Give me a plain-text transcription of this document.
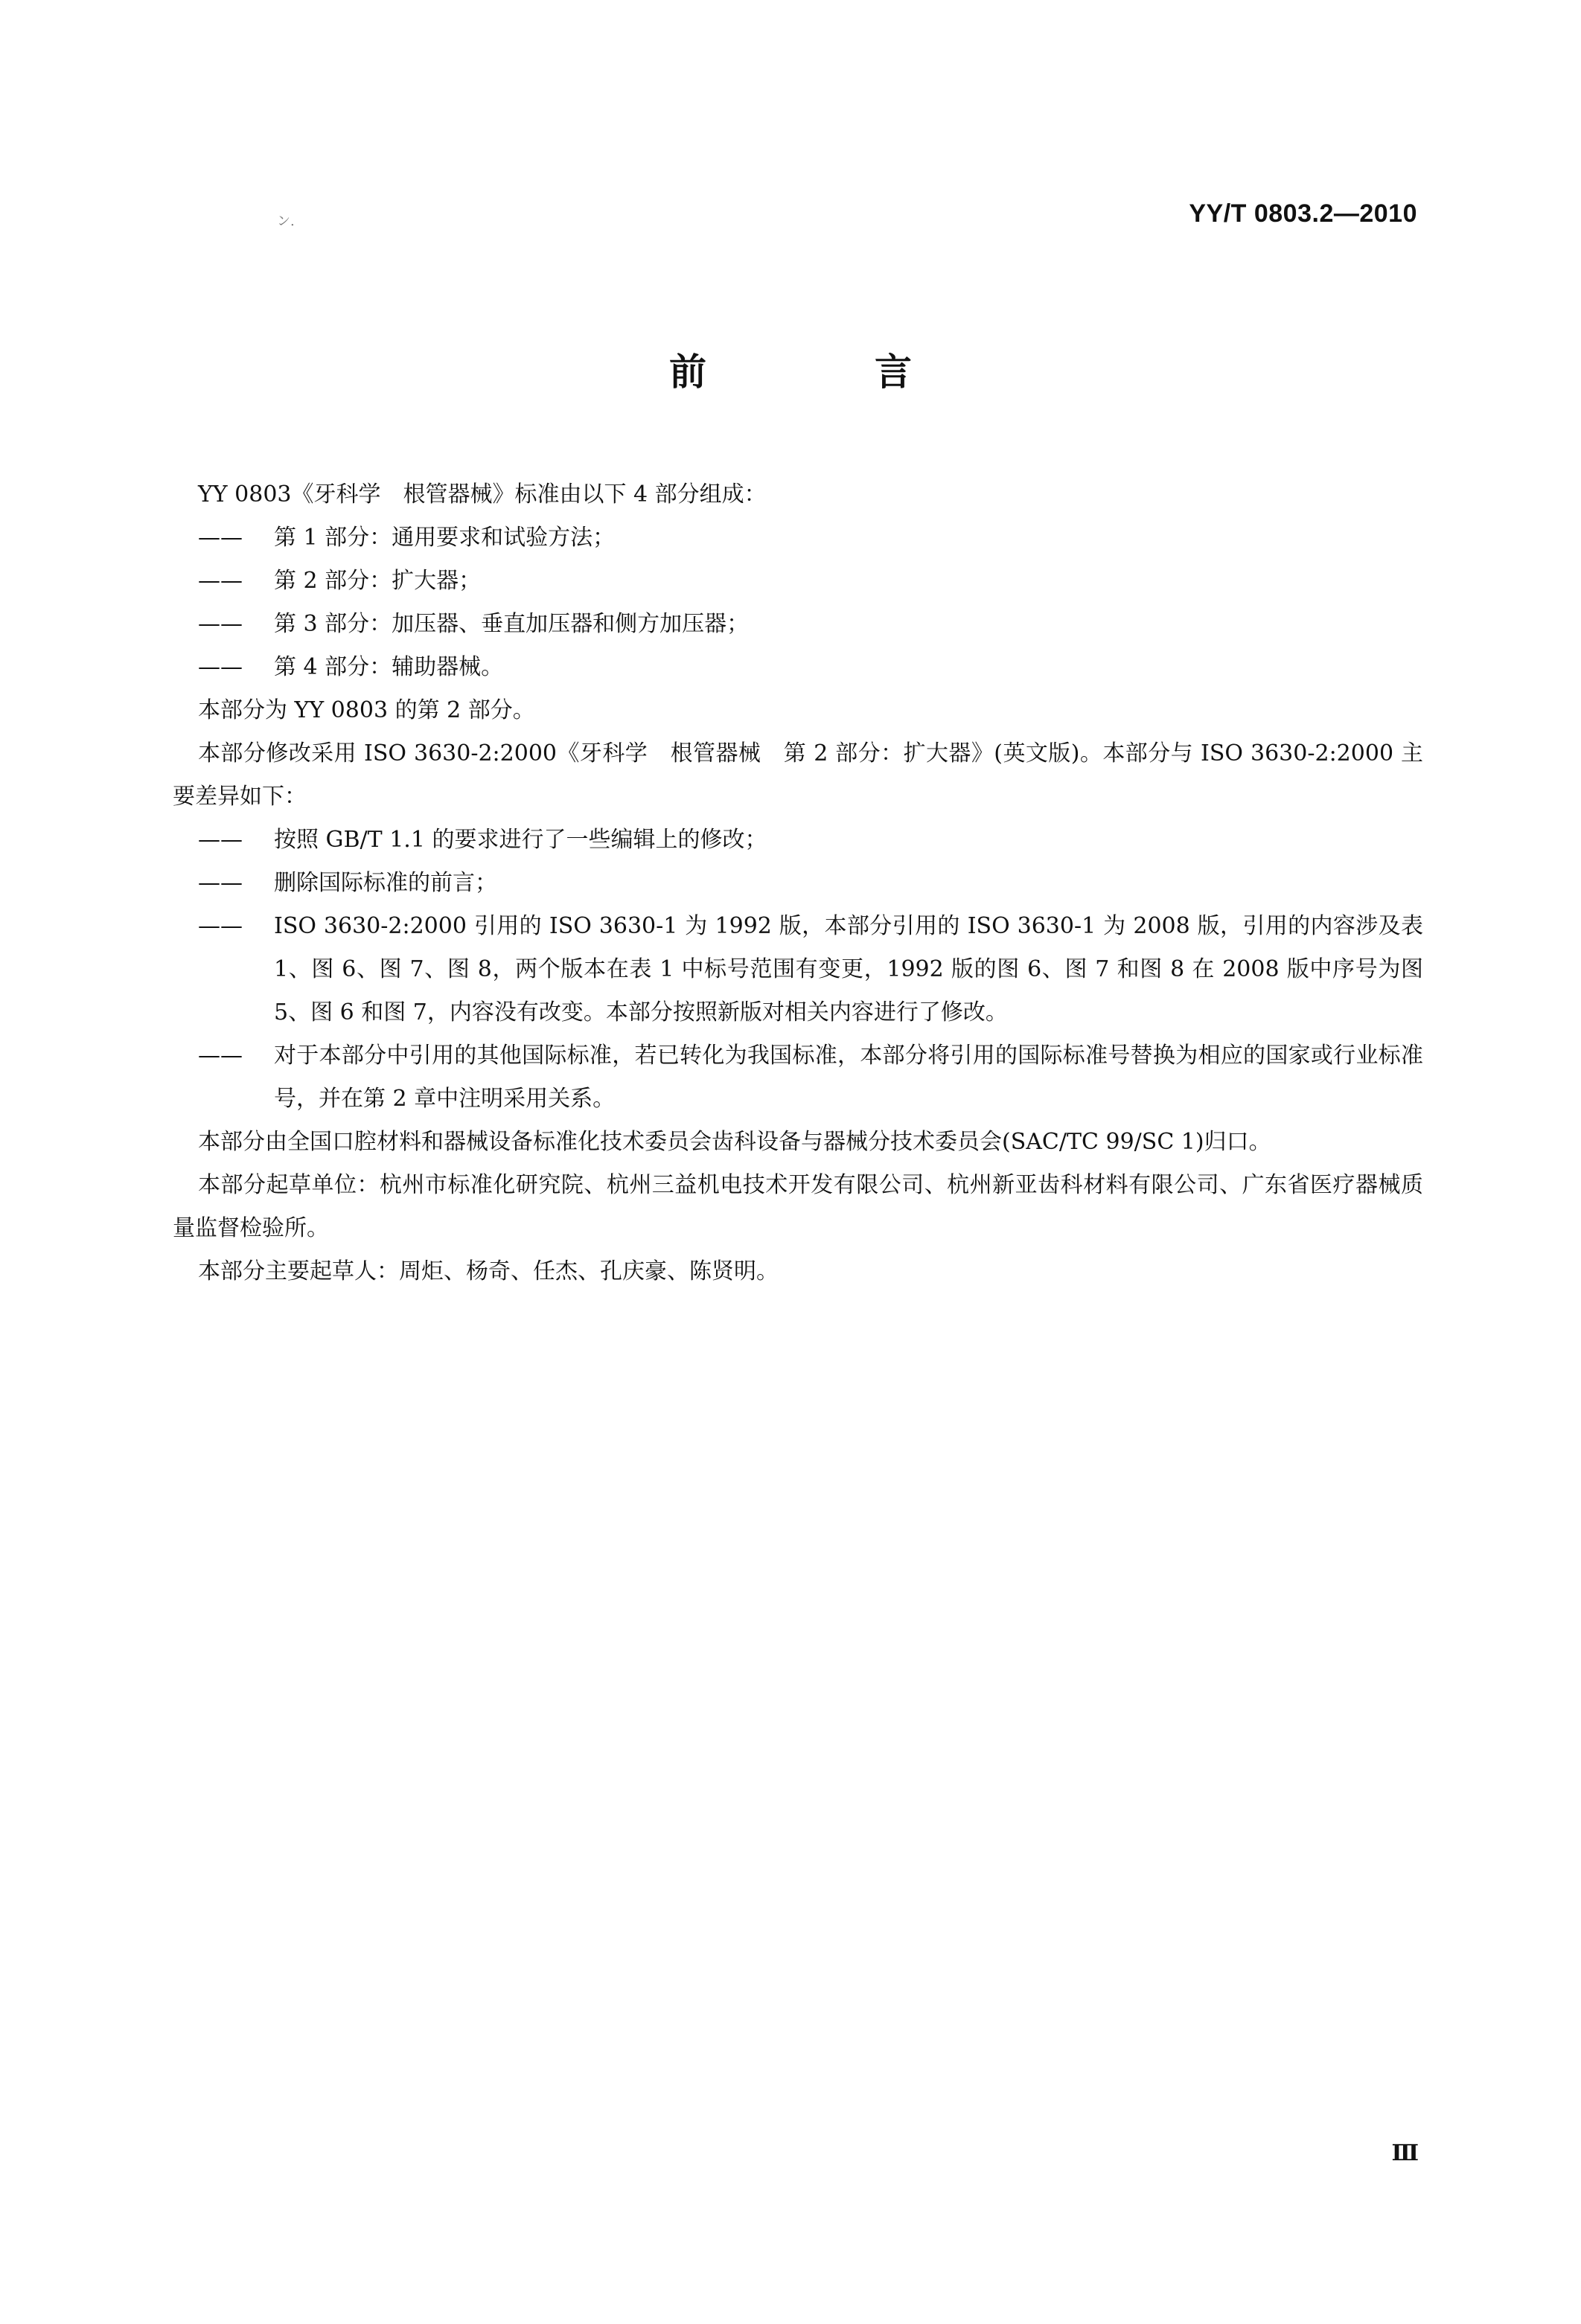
ン.	YY/T 0803.2—2010
前　言
YY 0803《牙科学　根管器械》标准由以下 4 部分组成：
——	第 1 部分：通用要求和试验方法；
——	第 2 部分：扩大器；
——	第 3 部分：加压器、垂直加压器和侧方加压器；
——	第 4 部分：辅助器械。
本部分为 YY 0803 的第 2 部分。
本部分修改采用 ISO 3630-2:2000《牙科学　根管器械　第 2 部分：扩大器》(英文版)。本部分与 ISO 3630-2:2000 主要差异如下：
——	按照 GB/T 1.1 的要求进行了一些编辑上的修改；
——	删除国际标准的前言；
——	ISO 3630-2:2000 引用的 ISO 3630-1 为 1992 版，本部分引用的 ISO 3630-1 为 2008 版，引用的内容涉及表 1、图 6、图 7、图 8，两个版本在表 1 中标号范围有变更，1992 版的图 6、图 7 和图 8 在 2008 版中序号为图 5、图 6 和图 7，内容没有改变。本部分按照新版对相关内容进行了修改。
——	对于本部分中引用的其他国际标准，若已转化为我国标准，本部分将引用的国际标准号替换为相应的国家或行业标准号，并在第 2 章中注明采用关系。
本部分由全国口腔材料和器械设备标准化技术委员会齿科设备与器械分技术委员会(SAC/TC 99/SC 1)归口。
本部分起草单位：杭州市标准化研究院、杭州三益机电技术开发有限公司、杭州新亚齿科材料有限公司、广东省医疗器械质量监督检验所。
本部分主要起草人：周炬、杨奇、任杰、孔庆豪、陈贤明。
Ⅲ
